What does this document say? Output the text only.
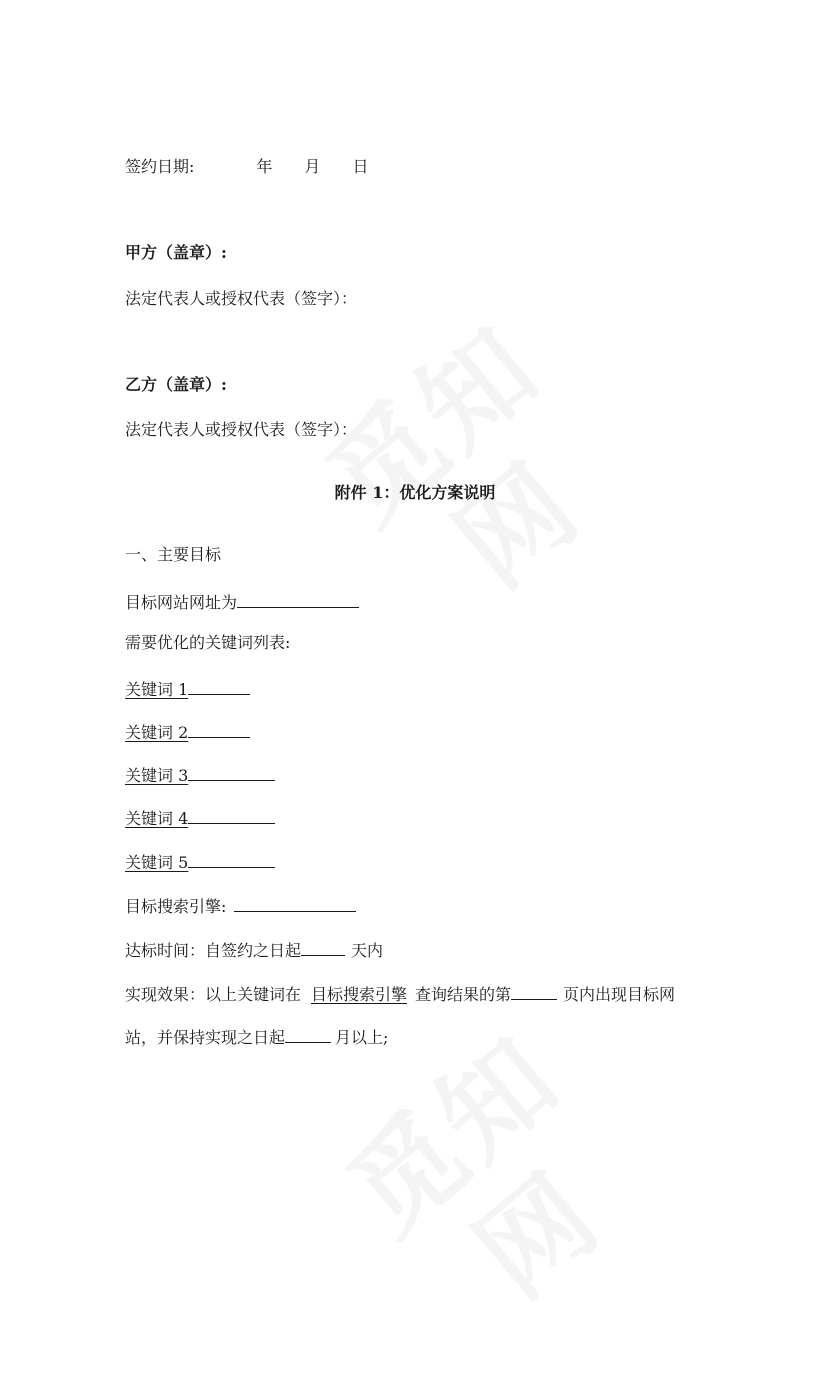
签约日期:	年 月 日
甲方（盖章）:
法定代表人或授权代表（签字）：
乙方（盖章）:
法定代表人或授权代表（签字）：
附件 1：优化方案说明
一、主要目标
目标网站网址为
需要优化的关键词列表:
关键词 1
关键词 2
关键词 3
关键词 4
关键词 5
目标搜索引擎:
达标时间：自签约之日起	天内
实现效果：以上关键词在 目标搜索引擎 查询结果的第	页内出现目标网
站，并保持实现之日起	月以上;
